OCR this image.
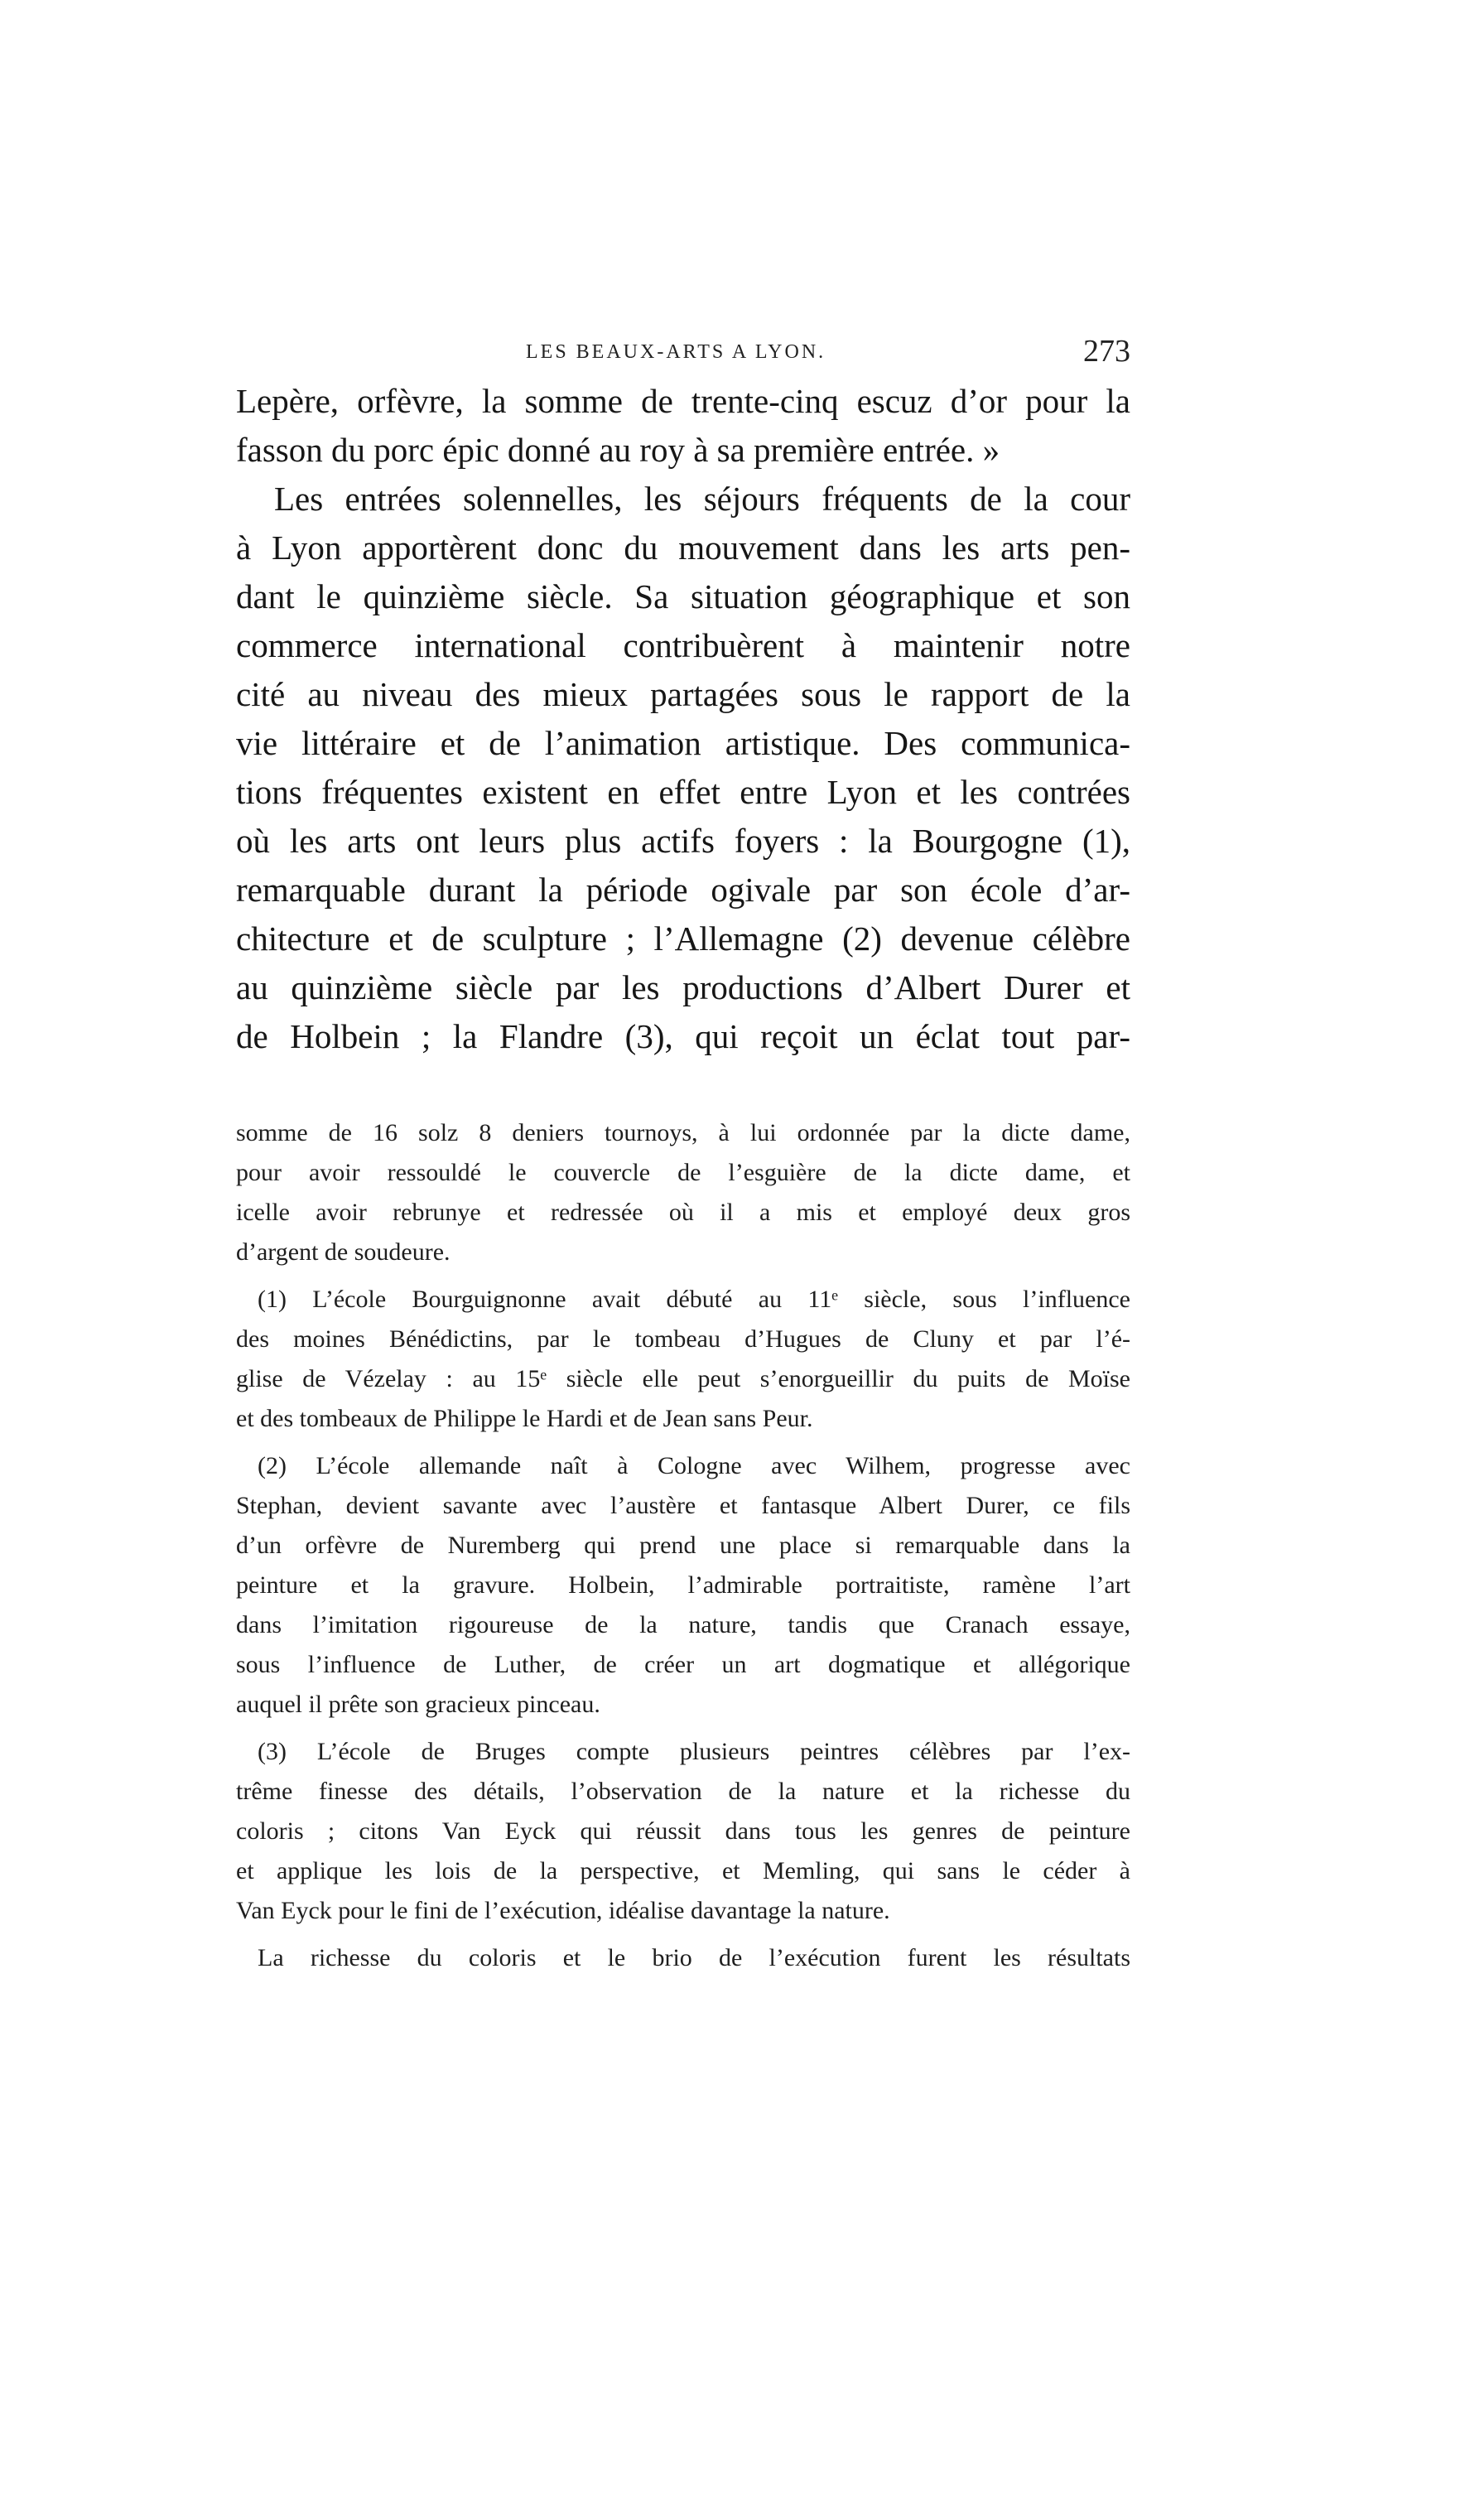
LES BEAUX-ARTS A LYON.	273
Lepère, orfèvre, la somme de trente-cinq escuz d’or pour la
fasson du porc épic donné au roy à sa première entrée. »
Les entrées solennelles, les séjours fréquents de la cour
à Lyon apportèrent donc du mouvement dans les arts pen-
dant le quinzième siècle. Sa situation géographique et son
commerce international contribuèrent à maintenir notre
cité au niveau des mieux partagées sous le rapport de la
vie littéraire et de l’animation artistique. Des communica-
tions fréquentes existent en effet entre Lyon et les contrées
où les arts ont leurs plus actifs foyers : la Bourgogne (1),
remarquable durant la période ogivale par son école d’ar-
chitecture et de sculpture ; l’Allemagne (2) devenue célèbre
au quinzième siècle par les productions d’Albert Durer et
de Holbein ; la Flandre (3), qui reçoit un éclat tout par-
somme de 16 solz 8 deniers tournoys, à lui ordonnée par la dicte dame,
pour avoir ressouldé le couvercle de l’esguière de la dicte dame, et
icelle avoir rebrunye et redressée où il a mis et employé deux gros
d’argent de soudeure.
(1) L’école Bourguignonne avait débuté au 11ᵉ siècle, sous l’influence
des moines Bénédictins, par le tombeau d’Hugues de Cluny et par l’é-
glise de Vézelay : au 15ᵉ siècle elle peut s’enorgueillir du puits de Moïse
et des tombeaux de Philippe le Hardi et de Jean sans Peur.
(2) L’école allemande naît à Cologne avec Wilhem, progresse avec
Stephan, devient savante avec l’austère et fantasque Albert Durer, ce fils
d’un orfèvre de Nuremberg qui prend une place si remarquable dans la
peinture et la gravure. Holbein, l’admirable portraitiste, ramène l’art
dans l’imitation rigoureuse de la nature, tandis que Cranach essaye,
sous l’influence de Luther, de créer un art dogmatique et allégorique
auquel il prête son gracieux pinceau.
(3) L’école de Bruges compte plusieurs peintres célèbres par l’ex-
trême finesse des détails, l’observation de la nature et la richesse du
coloris ; citons Van Eyck qui réussit dans tous les genres de peinture
et applique les lois de la perspective, et Memling, qui sans le céder à
Van Eyck pour le fini de l’exécution, idéalise davantage la nature.
La richesse du coloris et le brio de l’exécution furent les résultats
